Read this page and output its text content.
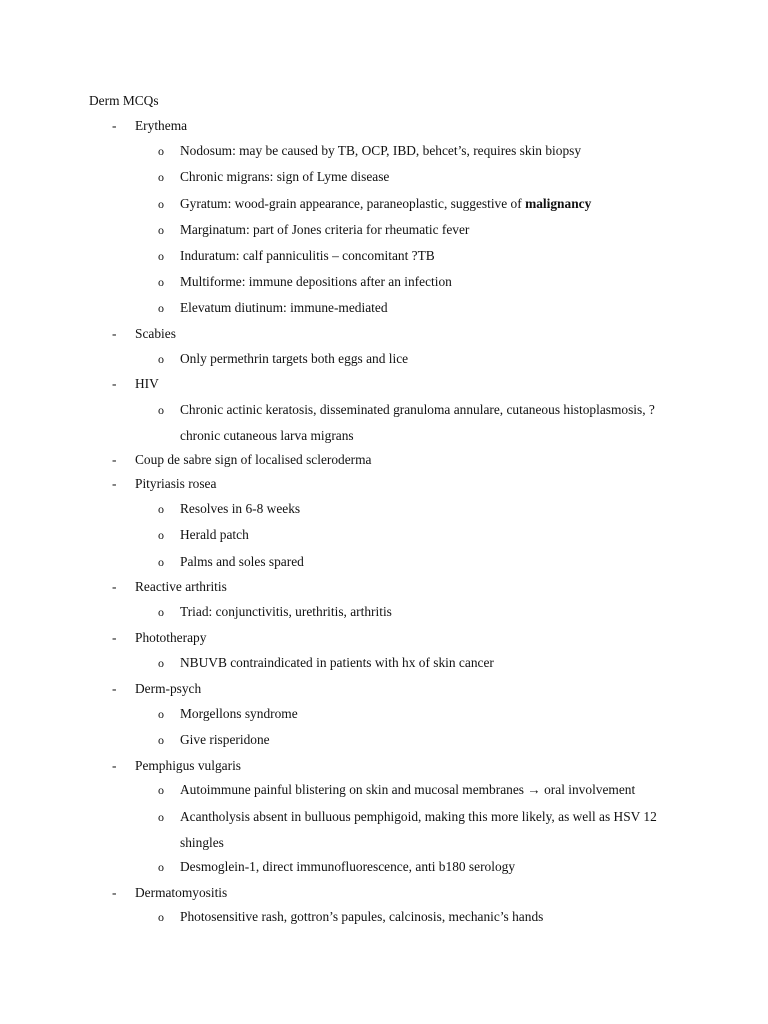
Derm MCQs
- Erythema
o Nodosum: may be caused by TB, OCP, IBD, behcet’s, requires skin biopsy
o Chronic migrans: sign of Lyme disease
o Gyratum: wood-grain appearance, paraneoplastic, suggestive of malignancy
o Marginatum: part of Jones criteria for rheumatic fever
o Induratum: calf panniculitis – concomitant ?TB
o Multiforme: immune depositions after an infection
o Elevatum diutinum: immune-mediated
- Scabies
o Only permethrin targets both eggs and lice
- HIV
o Chronic actinic keratosis, disseminated granuloma annulare, cutaneous histoplasmosis, ?
chronic cutaneous larva migrans
- Coup de sabre sign of localised scleroderma
- Pityriasis rosea
o Resolves in 6-8 weeks
o Herald patch
o Palms and soles spared
- Reactive arthritis
o Triad: conjunctivitis, urethritis, arthritis
- Phototherapy
o NBUVB contraindicated in patients with hx of skin cancer
- Derm-psych
o Morgellons syndrome
o Give risperidone
- Pemphigus vulgaris
o Autoimmune painful blistering on skin and mucosal membranes → oral involvement
o Acantholysis absent in bulluous pemphigoid, making this more likely, as well as HSV 12
shingles
o Desmoglein-1, direct immunofluorescence, anti b180 serology
- Dermatomyositis
o Photosensitive rash, gottron’s papules, calcinosis, mechanic’s hands
